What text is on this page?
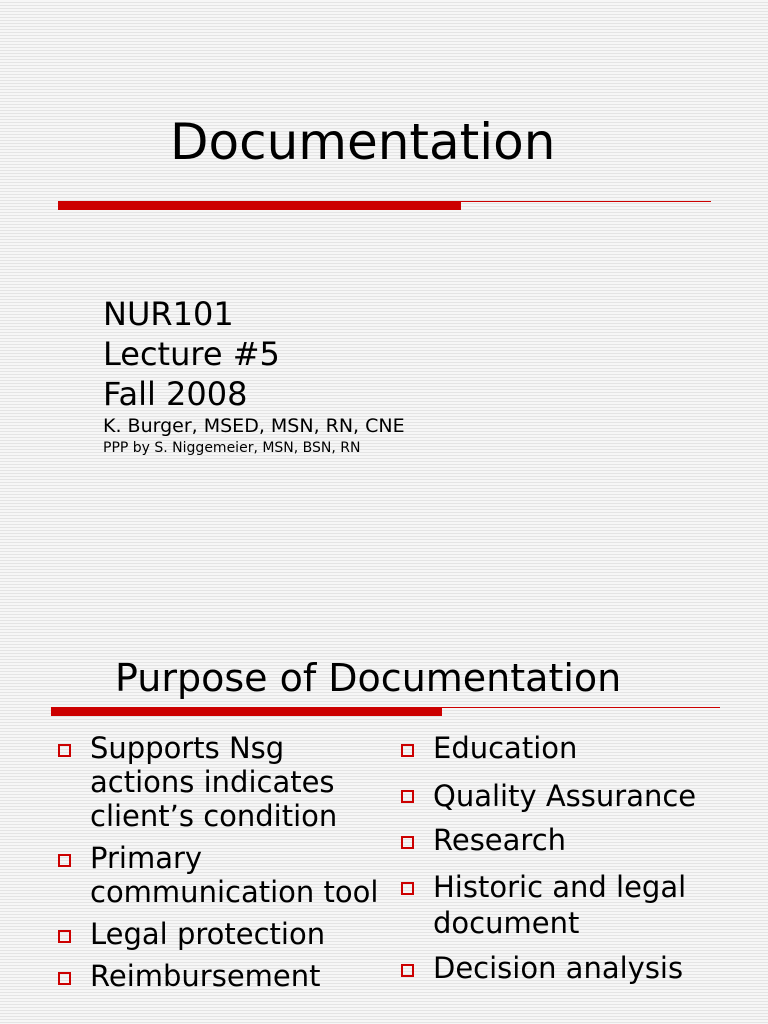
Documentation
NUR101
Lecture #5
Fall 2008
K. Burger, MSED, MSN, RN, CNE
PPP by S. Niggemeier, MSN, BSN, RN
Purpose of Documentation
Supports Nsg actions indicates client’s condition
Primary communication tool
Legal protection
Reimbursement
Education
Quality Assurance
Research
Historic and legal document
Decision analysis
